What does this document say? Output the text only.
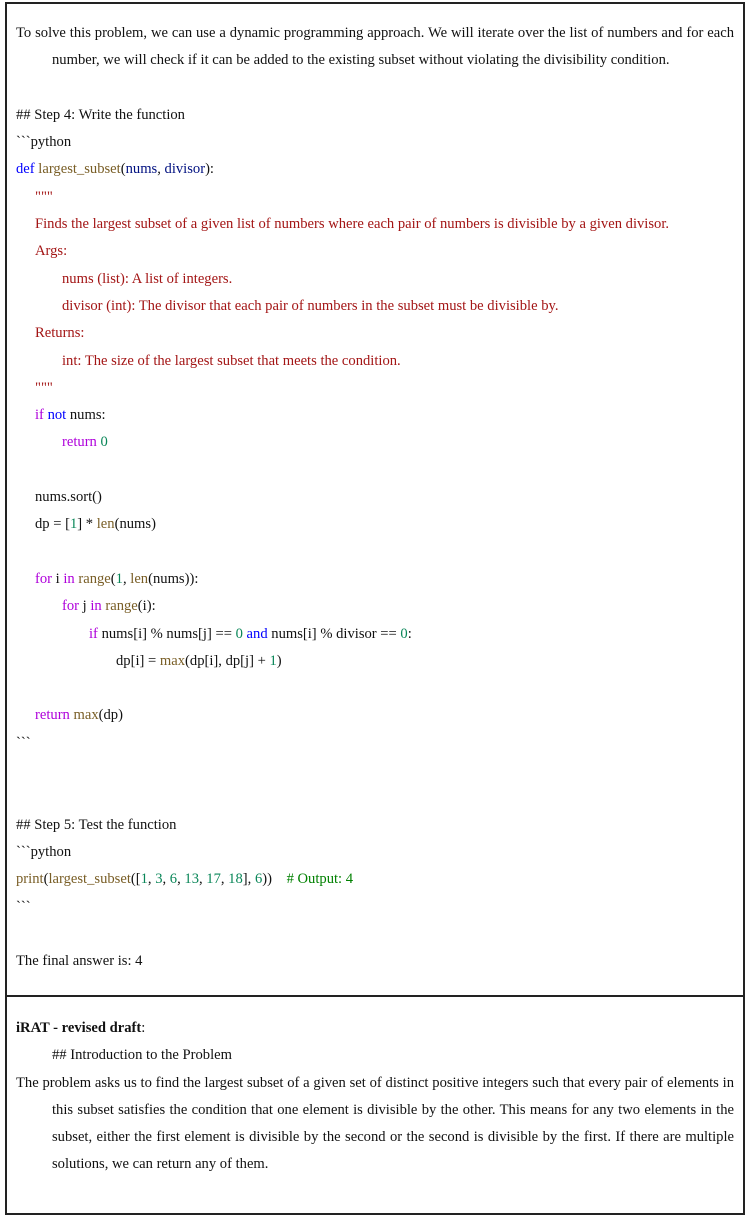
To solve this problem, we can use a dynamic programming approach. We will iterate over the list of numbers and for each number, we will check if it can be added to the existing subset without violating the divisibility condition.
## Step 4: Write the function
```python
def largest_subset(nums, divisor):
"""
Finds the largest subset of a given list of numbers where each pair of numbers is divisible by a given divisor.
Args:
nums (list): A list of integers.
divisor (int): The divisor that each pair of numbers in the subset must be divisible by.
Returns:
int: The size of the largest subset that meets the condition.
"""
if not nums:
return 0
nums.sort()
dp = [1] * len(nums)
for i in range(1, len(nums)):
for j in range(i):
if nums[i] % nums[j] == 0 and nums[i] % divisor == 0:
dp[i] = max(dp[i], dp[j] + 1)
return max(dp)
```
## Step 5: Test the function
```python
print(largest_subset([1, 3, 6, 13, 17, 18], 6))    # Output: 4
```
The final answer is: 4
iRAT - revised draft:
## Introduction to the Problem
The problem asks us to find the largest subset of a given set of distinct positive integers such that every pair of elements in this subset satisfies the condition that one element is divisible by the other. This means for any two elements in the subset, either the first element is divisible by the second or the second is divisible by the first. If there are multiple solutions, we can return any of them.
